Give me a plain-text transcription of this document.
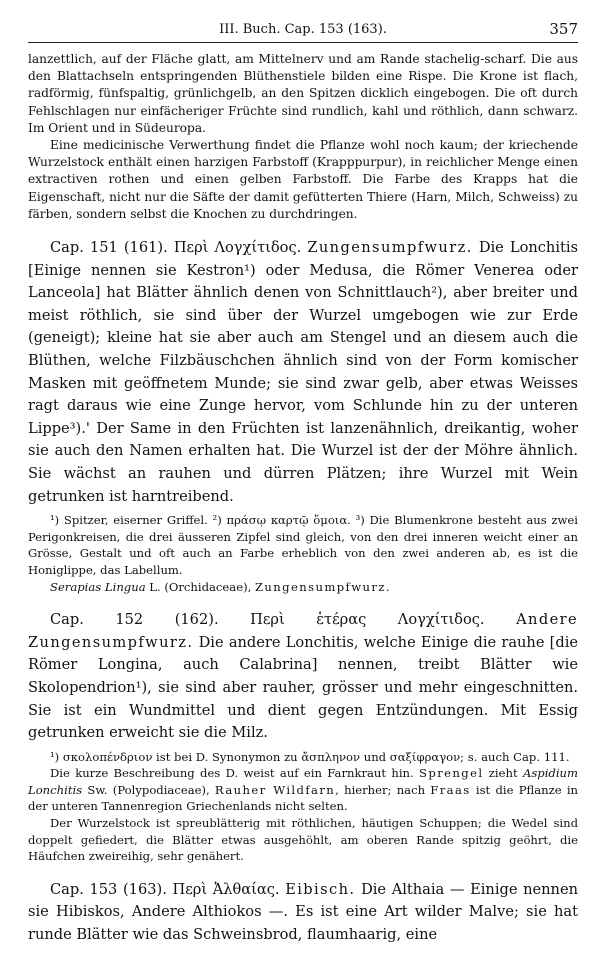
III. Buch. Cap. 153 (163).	357

lanzettlich, auf der Fläche glatt, am Mittelnerv und am Rande stachelig-scharf. Die aus den Blattachseln entspringenden Blüthenstiele bilden eine Rispe. Die Krone ist flach, radförmig, fünfspaltig, grünlichgelb, an den Spitzen dicklich eingebogen. Die oft durch Fehlschlagen nur einfächeriger Früchte sind rundlich, kahl und röthlich, dann schwarz. Im Orient und in Südeuropa.

Eine medicinische Verwerthung findet die Pflanze wohl noch kaum; der kriechende Wurzelstock enthält einen harzigen Farbstoff (Krapppurpur), in reichlicher Menge einen extractiven rothen und einen gelben Farbstoff. Die Farbe des Krapps hat die Eigenschaft, nicht nur die Säfte der damit gefütterten Thiere (Harn, Milch, Schweiss) zu färben, sondern selbst die Knochen zu durchdringen.

Cap. 151 (161). Περὶ Λογχίτιδος. Zungensumpfwurz. Die Lonchitis [Einige nennen sie Kestron¹) oder Medusa, die Römer Venerea oder Lanceola] hat Blätter ähnlich denen von Schnittlauch²), aber breiter und meist röthlich, sie sind über der Wurzel umgebogen wie zur Erde (geneigt); kleine hat sie aber auch am Stengel und an diesem auch die Blüthen, welche Filzbäuschchen ähnlich sind von der Form komischer Masken mit geöffnetem Munde; sie sind zwar gelb, aber etwas Weisses ragt daraus wie eine Zunge hervor, vom Schlunde hin zu der unteren Lippe³).' Der Same in den Früchten ist lanzenähnlich, dreikantig, woher sie auch den Namen erhalten hat. Die Wurzel ist der der Möhre ähnlich. Sie wächst an rauhen und dürren Plätzen; ihre Wurzel mit Wein getrunken ist harntreibend.

¹) Spitzer, eiserner Griffel. ²) πράσῳ καρτῷ ὅμοια. ³) Die Blumenkrone besteht aus zwei Perigonkreisen, die drei äusseren Zipfel sind gleich, von den drei inneren weicht einer an Grösse, Gestalt und oft auch an Farbe erheblich von den zwei anderen ab, es ist die Honiglippe, das Labellum.

Serapias Lingua L. (Orchidaceae), Zungensumpfwurz.

Cap. 152 (162). Περὶ ἑτέρας Λογχίτιδος. Andere Zungensumpfwurz. Die andere Lonchitis, welche Einige die rauhe [die Römer Longina, auch Calabrina] nennen, treibt Blätter wie Skolopendrion¹), sie sind aber rauher, grösser und mehr eingeschnitten. Sie ist ein Wundmittel und dient gegen Entzündungen. Mit Essig getrunken erweicht sie die Milz.

¹) σκολοπένδριον ist bei D. Synonymon zu ἄσπληνον und σαξίφραγον; s. auch Cap. 111.

Die kurze Beschreibung des D. weist auf ein Farnkraut hin. Sprengel zieht Aspidium Lonchitis Sw. (Polypodiaceae), Rauher Wildfarn, hierher; nach Fraas ist die Pflanze in der unteren Tannenregion Griechenlands nicht selten.

Der Wurzelstock ist spreublätterig mit röthlichen, häutigen Schuppen; die Wedel sind doppelt gefiedert, die Blätter etwas ausgehöhlt, am oberen Rande spitzig geöhrt, die Häufchen zweireihig, sehr genähert.

Cap. 153 (163). Περὶ Ἀλθαίας. Eibisch. Die Althaia — Einige nennen sie Hibiskos, Andere Althiokos —. Es ist eine Art wilder Malve; sie hat runde Blätter wie das Schweinsbrod, flaumhaarig, eine
